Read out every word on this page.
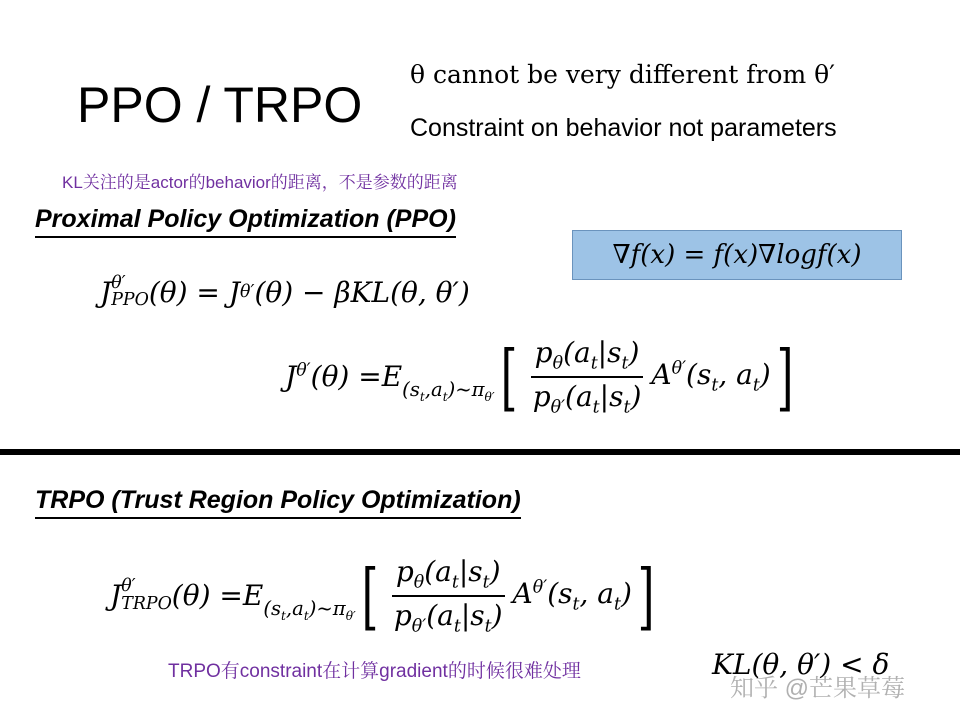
PPO / TRPO
θ cannot be very different from θ′
Constraint on behavior not parameters
KL关注的是actor的behavior的距离，不是参数的距离
Proximal Policy Optimization (PPO)
∇f(x) = f(x)∇logf(x)
J θ′
PPO (θ) = J θ′ (θ) − βKL(θ, θ′)
$J^{\theta'}$ $(\theta) = E_{(s_t,a_t)\sim\pi_{\theta'}}$ [ $\frac{p_\theta(a_t|s_t)}{p_{\theta'}(a_t|s_t)} A^{\theta'}(s_t$, $a_t$) ]
TRPO (Trust Region Policy Optimization)
J θ′
TRPO $(\theta) = E_{(s_t,a_t)\sim\pi_{\theta'}}$ [ $\frac{p_\theta(a_t|s_t)}{p_{\theta'}(a_t|s_t)} A^{\theta'}(s_t$, $a_t$) ]
TRPO有constraint在计算gradient的时候很难处理	KL(θ, θ′) < δ
知乎 @芒果草莓
